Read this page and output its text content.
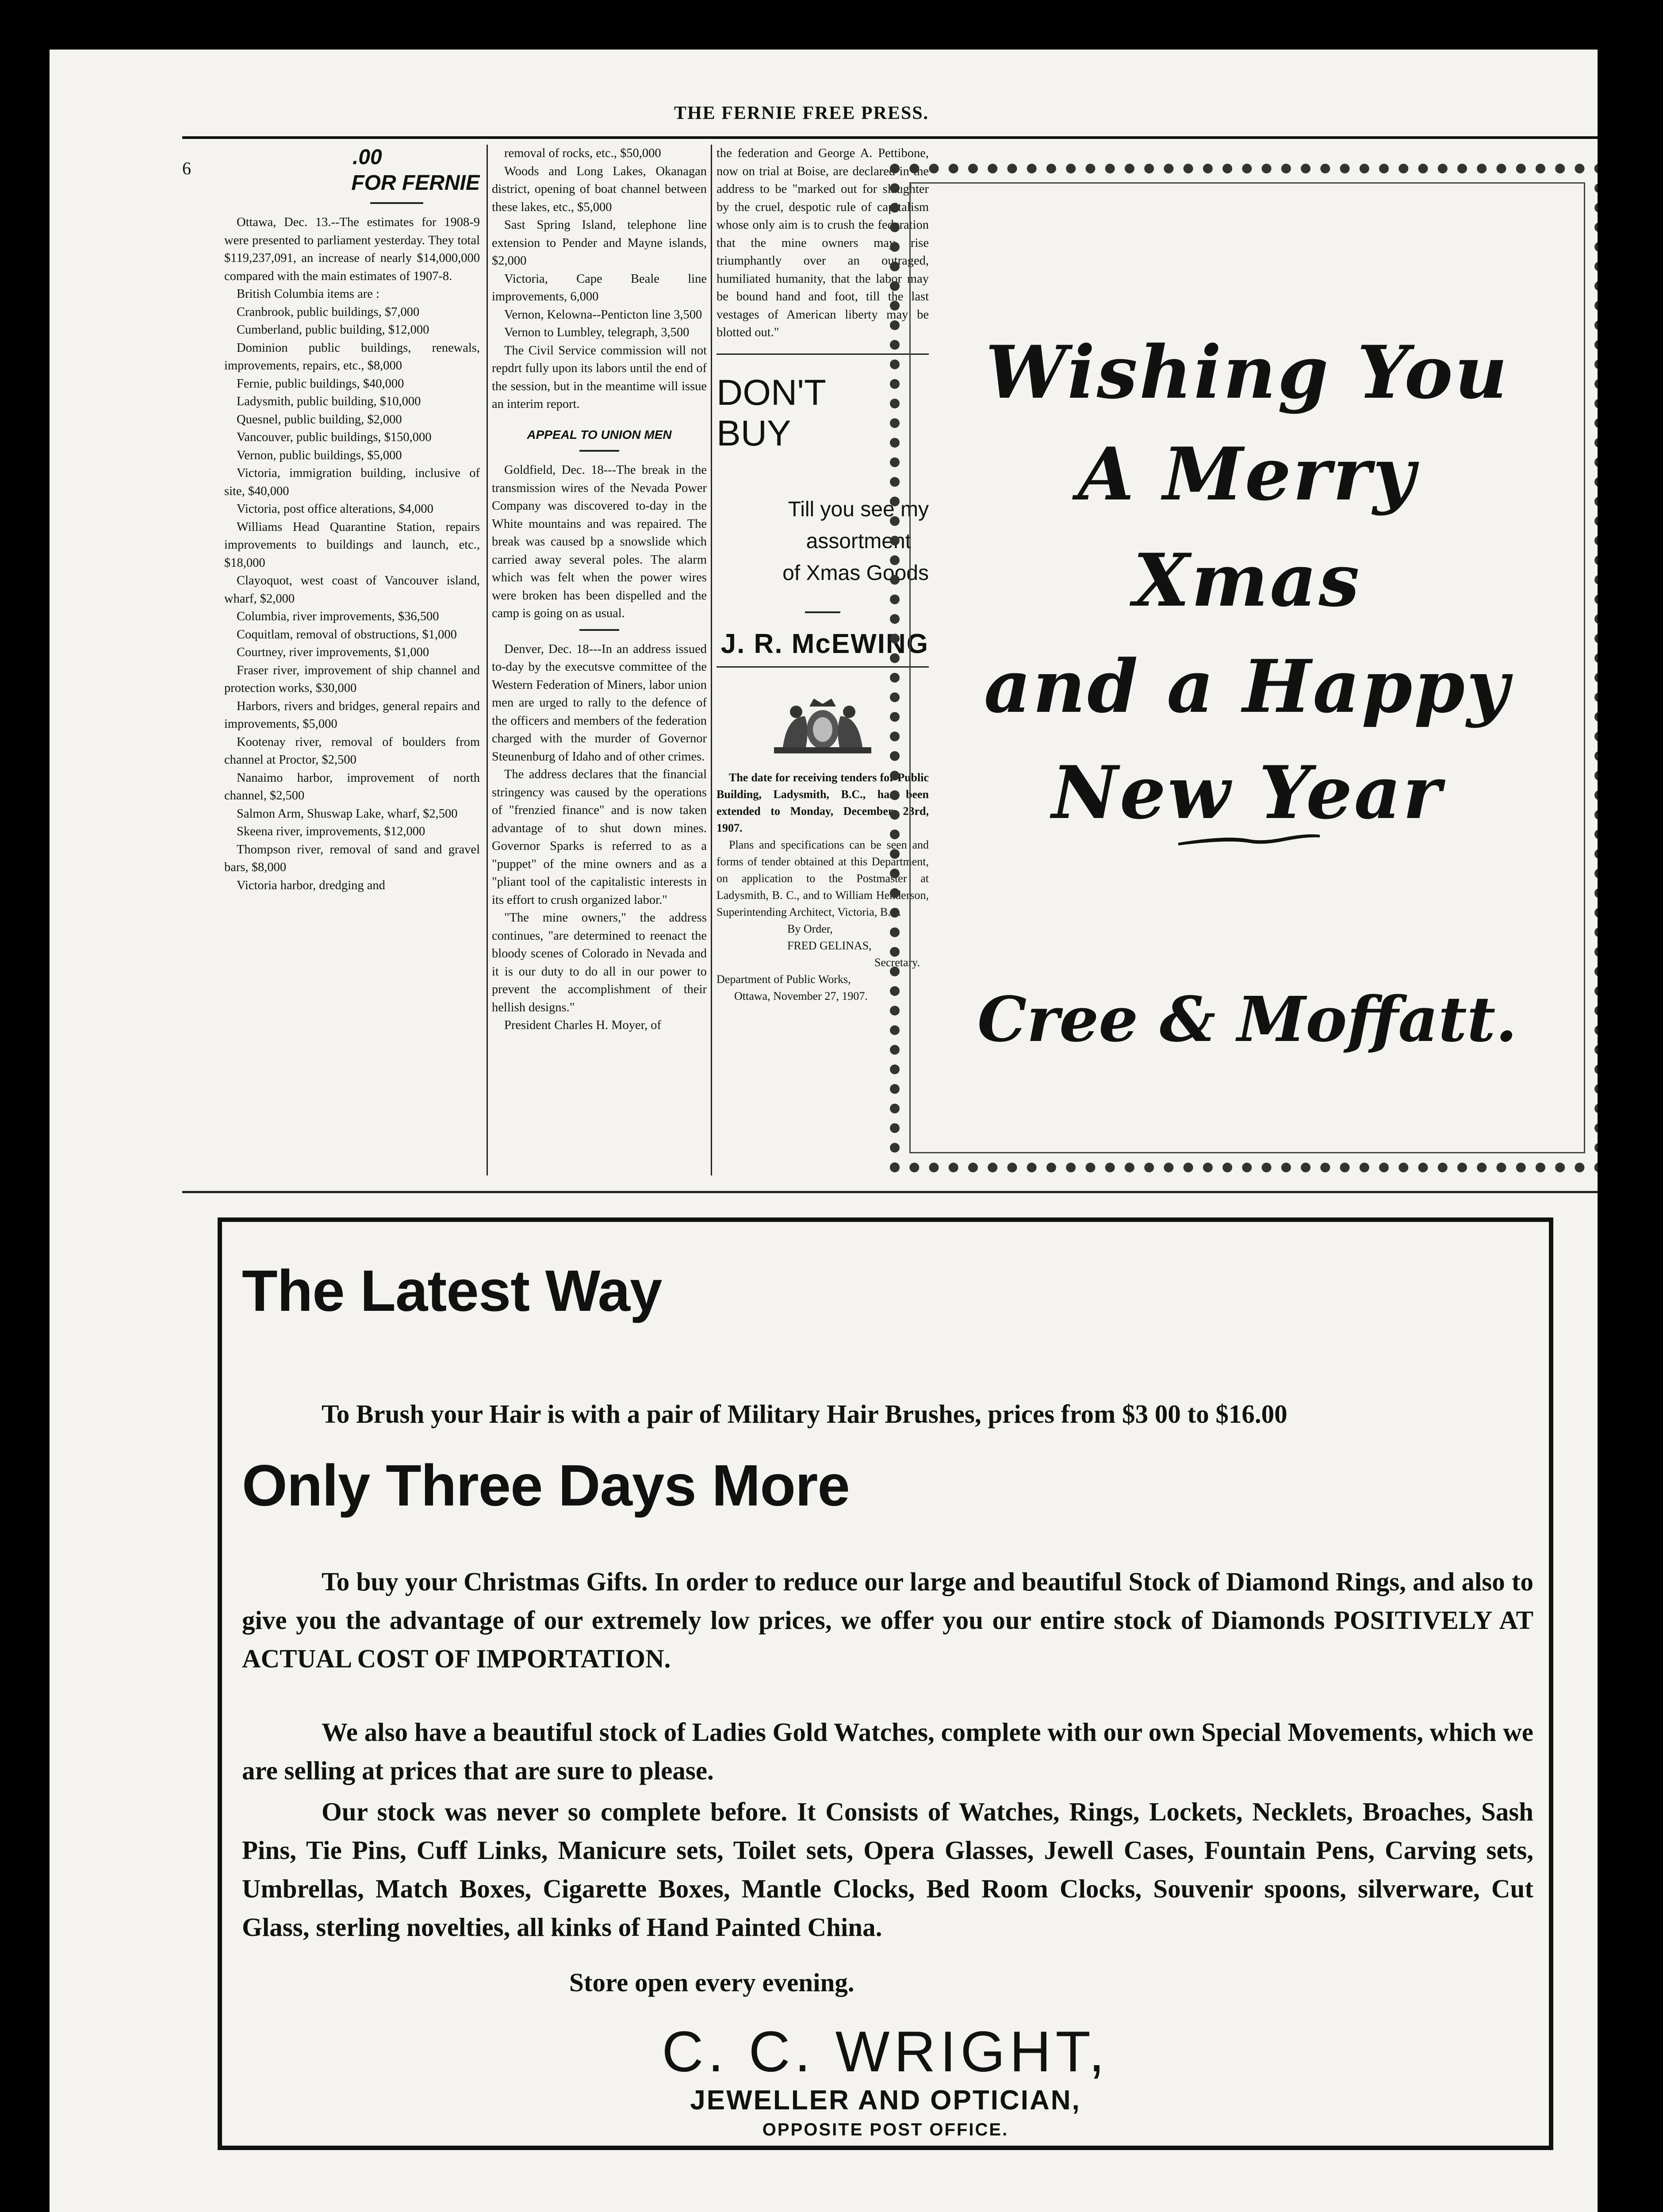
THE FERNIE FREE PRESS.
6	.00
FOR FERNIE

Ottawa, Dec. 13.--The estimates for 1908-9 were presented to parliament yesterday. They total $119,237,091, an increase of nearly $14,000,000 compared with the main estimates of 1907-8.

British Columbia items are :

Cranbrook, public buildings, $7,000

Cumberland, public building, $12,000

Dominion public buildings, renewals, improvements, repairs, etc., $8,000

Fernie, public buildings, $40,000

Ladysmith, public building, $10,000

Quesnel, public building, $2,000

Vancouver, public buildings, $150,000

Vernon, public buildings, $5,000

Victoria, immigration building, inclusive of site, $40,000

Victoria, post office alterations, $4,000

Williams Head Quarantine Station, repairs improvements to buildings and launch, etc., $18,000

Clayoquot, west coast of Vancouver island, wharf, $2,000

Columbia, river improvements, $36,500

Coquitlam, removal of obstructions, $1,000

Courtney, river improvements, $1,000

Fraser river, improvement of ship channel and protection works, $30,000

Harbors, rivers and bridges, general repairs and improvements, $5,000

Kootenay river, removal of boulders from channel at Proctor, $2,500

Nanaimo harbor, improvement of north channel, $2,500

Salmon Arm, Shuswap Lake, wharf, $2,500

Skeena river, improvements, $12,000

Thompson river, removal of sand and gravel bars, $8,000

Victoria harbor, dredging and

removal of rocks, etc., $50,000

Woods and Long Lakes, Okanagan district, opening of boat channel between these lakes, etc., $5,000

Sast Spring Island, telephone line extension to Pender and Mayne islands, $2,000

Victoria, Cape Beale line improvements, 6,000

Vernon, Kelowna--Penticton line 3,500

Vernon to Lumbley, telegraph, 3,500

The Civil Service commission will not repdrt fully upon its labors until the end of the session, but in the meantime will issue an interim report.

APPEAL TO UNION MEN

Goldfield, Dec. 18---The break in the transmission wires of the Nevada Power Company was discovered to-day in the White mountains and was repaired. The break was caused bp a snowslide which carried away several poles. The alarm which was felt when the power wires were broken has been dispelled and the camp is going on as usual.

Denver, Dec. 18---In an address issued to-day by the executsve committee of the Western Federation of Miners, labor union men are urged to rally to the defence of the officers and members of the federation charged with the murder of Governor Steunenburg of Idaho and of other crimes.

The address declares that the financial stringency was caused by the operations of "frenzied finance" and is now taken advantage of to shut down mines. Governor Sparks is referred to as a "puppet" of the mine owners and as a "pliant tool of the capitalistic interests in its effort to crush organized labor."

"The mine owners," the address continues, "are determined to reenact the bloody scenes of Colorado in Nevada and it is our duty to do all in our power to prevent the accomplishment of their hellish designs."

President Charles H. Moyer, of

the federation and George A. Pettibone, now on trial at Boise, are declared in the address to be "marked out for slaughter by the cruel, despotic rule of capitalism whose only aim is to crush the federation that the mine owners may rise triumphantly over an outraged, humiliated humanity, that the labor may be bound hand and foot, till the last vestages of American liberty may be blotted out."

DON'T
BUY
Till you see my
assortment
of Xmas Goods
J. R. McEWING

The date for receiving tenders for Public Building, Ladysmith, B.C., has been extended to Monday, December 23rd, 1907.

Plans and specifications can be seen and forms of tender obtained at this Department, on application to the Postmaster at Ladysmith, B. C., and to William Henderson, Superintending Architect, Victoria, B.C.

By Order,
FRED GELINAS,
Secretary.
Department of Public Works,
Ottawa, November 27, 1907.
Wishing You
A Merry
Xmas
and a Happy
New Year
Cree & Moffatt.
The Latest Way
To Brush your Hair is with a pair of Military Hair Brushes, prices from $3 00 to $16.00
Only Three Days More

To buy your Christmas Gifts. In order to reduce our large and beautiful Stock of Diamond Rings, and also to give you the advantage of our extremely low prices, we offer you our entire stock of Diamonds POSITIVELY AT ACTUAL COST OF IMPORTATION.

We also have a beautiful stock of Ladies Gold Watches, complete with our own Special Movements, which we are selling at prices that are sure to please.

Our stock was never so complete before. It Consists of Watches, Rings, Lockets, Necklets, Broaches, Sash Pins, Tie Pins, Cuff Links, Manicure sets, Toilet sets, Opera Glasses, Jewell Cases, Fountain Pens, Carving sets, Umbrellas, Match Boxes, Cigarette Boxes, Mantle Clocks, Bed Room Clocks, Souvenir spoons, silverware, Cut Glass, sterling novelties, all kinks of Hand Painted China.

Store open every evening.
C. C. WRIGHT,
JEWELLER AND OPTICIAN,
OPPOSITE POST OFFICE.
